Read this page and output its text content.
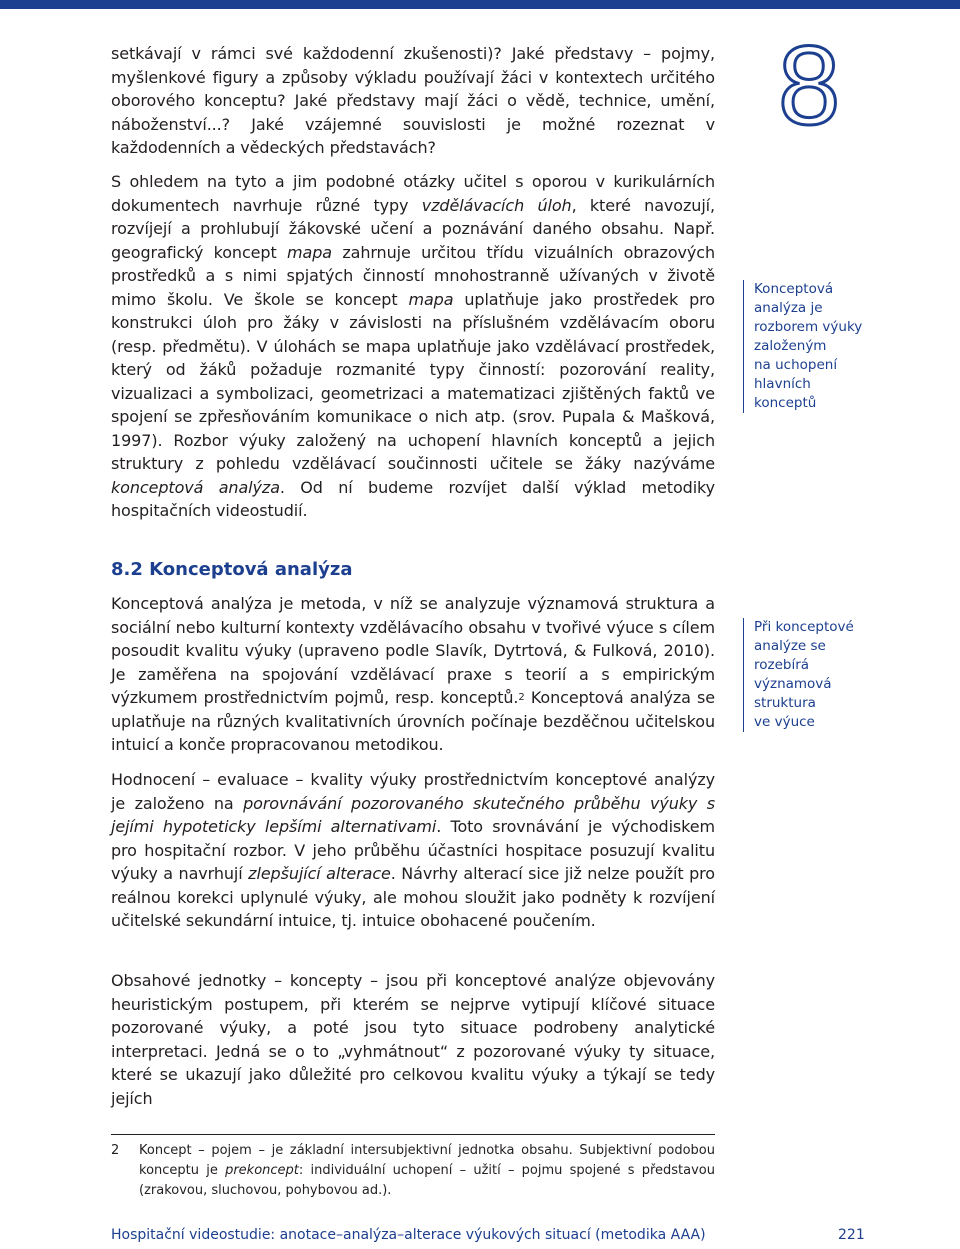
8

setkávají v rámci své každodenní zkušenosti)? Jaké představy – pojmy, myšlenkové figury a způsoby výkladu používají žáci v kontextech určitého oborového konceptu? Jaké představy mají žáci o vědě, technice, umění, náboženství...? Jaké vzájemné souvislosti je možné rozeznat v každodenních a vědeckých představách?

S ohledem na tyto a jim podobné otázky učitel s oporou v kurikulárních dokumentech navrhuje různé typy vzdělávacích úloh, které navozují, rozvíjejí a prohlubují žákovské učení a poznávání daného obsahu. Např. geografický koncept mapa zahrnuje určitou třídu vizuálních obrazových prostředků a s nimi spjatých činností mnohostranně užívaných v životě mimo školu. Ve škole se koncept mapa uplatňuje jako prostředek pro konstrukci úloh pro žáky v závislosti na příslušném vzdělávacím oboru (resp. předmětu). V úlohách se mapa uplatňuje jako vzdělávací prostředek, který od žáků požaduje rozmanité typy činností: pozorování reality, vizualizaci a symbolizaci, geometrizaci a matematizaci zjištěných faktů ve spojení se zpřesňováním komunikace o nich atp. (srov. Pupala & Mašková, 1997). Rozbor výuky založený na uchopení hlavních konceptů a jejich struktury z pohledu vzdělávací součinnosti učitele se žáky nazýváme konceptová analýza. Od ní budeme rozvíjet další výklad metodiky hospitačních videostudií.

Konceptová
analýza je
rozborem výuky
založeným
na uchopení
hlavních
konceptů
8.2 Konceptová analýza

Konceptová analýza je metoda, v níž se analyzuje významová struktura a sociální nebo kulturní kontexty vzdělávacího obsahu v tvořivé výuce s cílem posoudit kvalitu výuky (upraveno podle Slavík, Dytrtová, & Fulková, 2010). Je zaměřena na spojování vzdělávací praxe s teorií a s empirickým výzkumem prostřednictvím pojmů, resp. konceptů.$^2$ Konceptová analýza se uplatňuje na různých kvalitativních úrovních počínaje bezděčnou učitelskou intuicí a konče propracovanou metodikou.

Při konceptové
analýze se
rozebírá
významová
struktura
ve výuce

Hodnocení – evaluace – kvality výuky prostřednictvím konceptové analýzy je založeno na porovnávání pozorovaného skutečného průběhu výuky s jejími hypoteticky lepšími alternativami. Toto srovnávání je východiskem pro hospitační rozbor. V jeho průběhu účastníci hospitace posuzují kvalitu výuky a navrhují zlepšující alterace. Návrhy alterací sice již nelze použít pro reálnou korekci uplynulé výuky, ale mohou sloužit jako podněty k rozvíjení učitelské sekundární intuice, tj. intuice obohacené poučením.

Obsahové jednotky – koncepty – jsou při konceptové analýze objevovány heuristickým postupem, při kterém se nejprve vytipují klíčové situace pozorované výuky, a poté jsou tyto situace podrobeny analytické interpretaci. Jedná se o to „vyhmátnout“ z pozorované výuky ty situace, které se ukazují jako důležité pro celkovou kvalitu výuky a týkají se tedy jejích

2 Koncept – pojem – je základní intersubjektivní jednotka obsahu. Subjektivní podobou konceptu je prekoncept: individuální uchopení – užití – pojmu spojené s představou (zrakovou, sluchovou, pohybovou ad.).
Hospitační videostudie: anotace–analýza–alterace výukových situací (metodika AAA)	221
